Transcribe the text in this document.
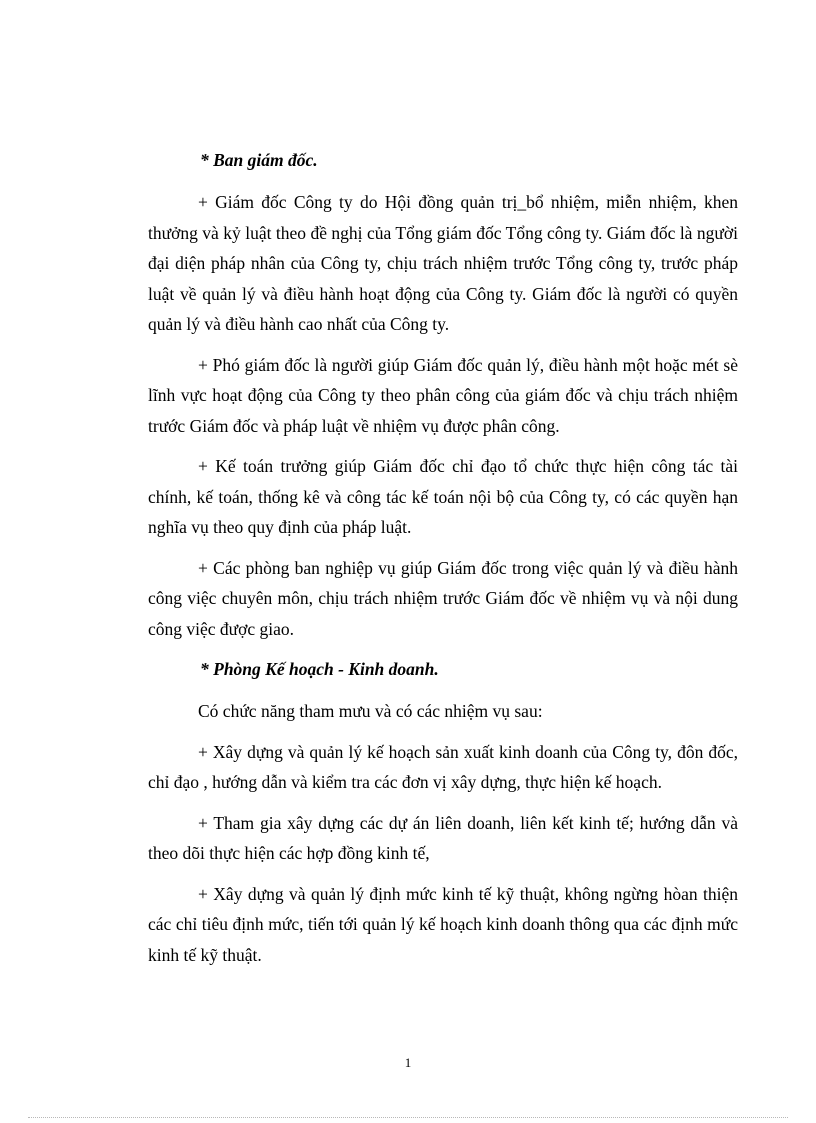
* Ban giám đốc.

+ Giám đốc Công ty do Hội đồng quản trị_bổ nhiệm, miễn nhiệm, khen thưởng và kỷ luật theo đề nghị của Tổng giám đốc Tổng công ty. Giám đốc là người đại diện pháp nhân của Công ty, chịu trách nhiệm trước Tổng công ty, trước pháp luật về quản lý và điều hành hoạt động của Công ty. Giám đốc là người có quyền quản lý và điều hành cao nhất của Công ty.

+ Phó giám đốc là người giúp Giám đốc quản lý, điều hành một hoặc mét sè lĩnh vực hoạt động của Công ty theo phân công của giám đốc và chịu trách nhiệm trước Giám đốc và pháp luật về nhiệm vụ được phân công.

+ Kế toán trưởng giúp Giám đốc chỉ đạo tổ chức thực hiện công tác tài chính, kế toán, thống kê và công tác kế toán nội bộ của Công ty, có các quyền hạn nghĩa vụ theo quy định của pháp luật.

+ Các phòng ban nghiệp vụ giúp Giám đốc trong việc quản lý và điều hành công việc chuyên môn, chịu trách nhiệm trước Giám đốc về nhiệm vụ và nội dung công việc được giao.

* Phòng Kế hoạch - Kinh doanh.

Có chức năng tham mưu và có các nhiệm vụ sau:

+ Xây dựng và quản lý kế hoạch sản xuất kinh doanh của Công ty, đôn đốc, chỉ đạo , hướng dẫn và kiểm tra các đơn vị xây dựng, thực hiện kế hoạch.

+ Tham gia xây dựng các dự án liên doanh, liên kết kinh tế; hướng dẫn và theo dõi thực hiện các hợp đồng kinh tế,

+ Xây dựng và quản lý định mức kinh tế kỹ thuật, không ngừng hòan thiện các chỉ tiêu định mức, tiến tới quản lý kế hoạch kinh doanh thông qua các định mức kinh tế kỹ thuật.

1
